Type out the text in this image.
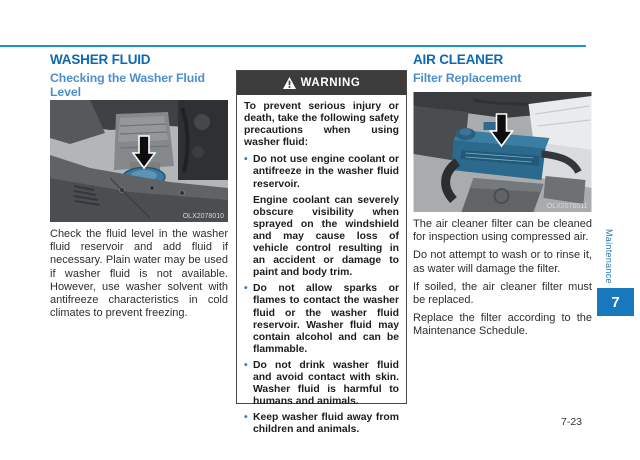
WASHER FLUID
Checking the Washer Fluid Level
OLX2078010
Check the fluid level in the washer fluid reservoir and add fluid if necessary. Plain water may be used if washer fluid is not available. However, use washer solvent with antifreeze characteristics in cold climates to prevent freezing.
WARNING
To prevent serious injury or death, take the following safety precautions when using washer fluid:
• Do not use engine coolant or antifreeze in the washer fluid reservoir.
Engine coolant can severely obscure visibility when sprayed on the windshield and may cause loss of vehicle control resulting in an accident or damage to paint and body trim.
• Do not allow sparks or flames to contact the washer fluid or the washer fluid reservoir. Washer fluid may contain alcohol and can be flammable.
• Do not drink washer fluid and avoid contact with skin. Washer fluid is harmful to humans and animals.
• Keep washer fluid away from children and animals.
AIR CLEANER
Filter Replacement
OLX2078011

The air cleaner filter can be cleaned for inspection using compressed air.

Do not attempt to wash or to rinse it, as water will damage the filter.

If soiled, the air cleaner filter must be replaced.

Replace the filter according to the Maintenance Schedule.

Maintenance
7
7-23
